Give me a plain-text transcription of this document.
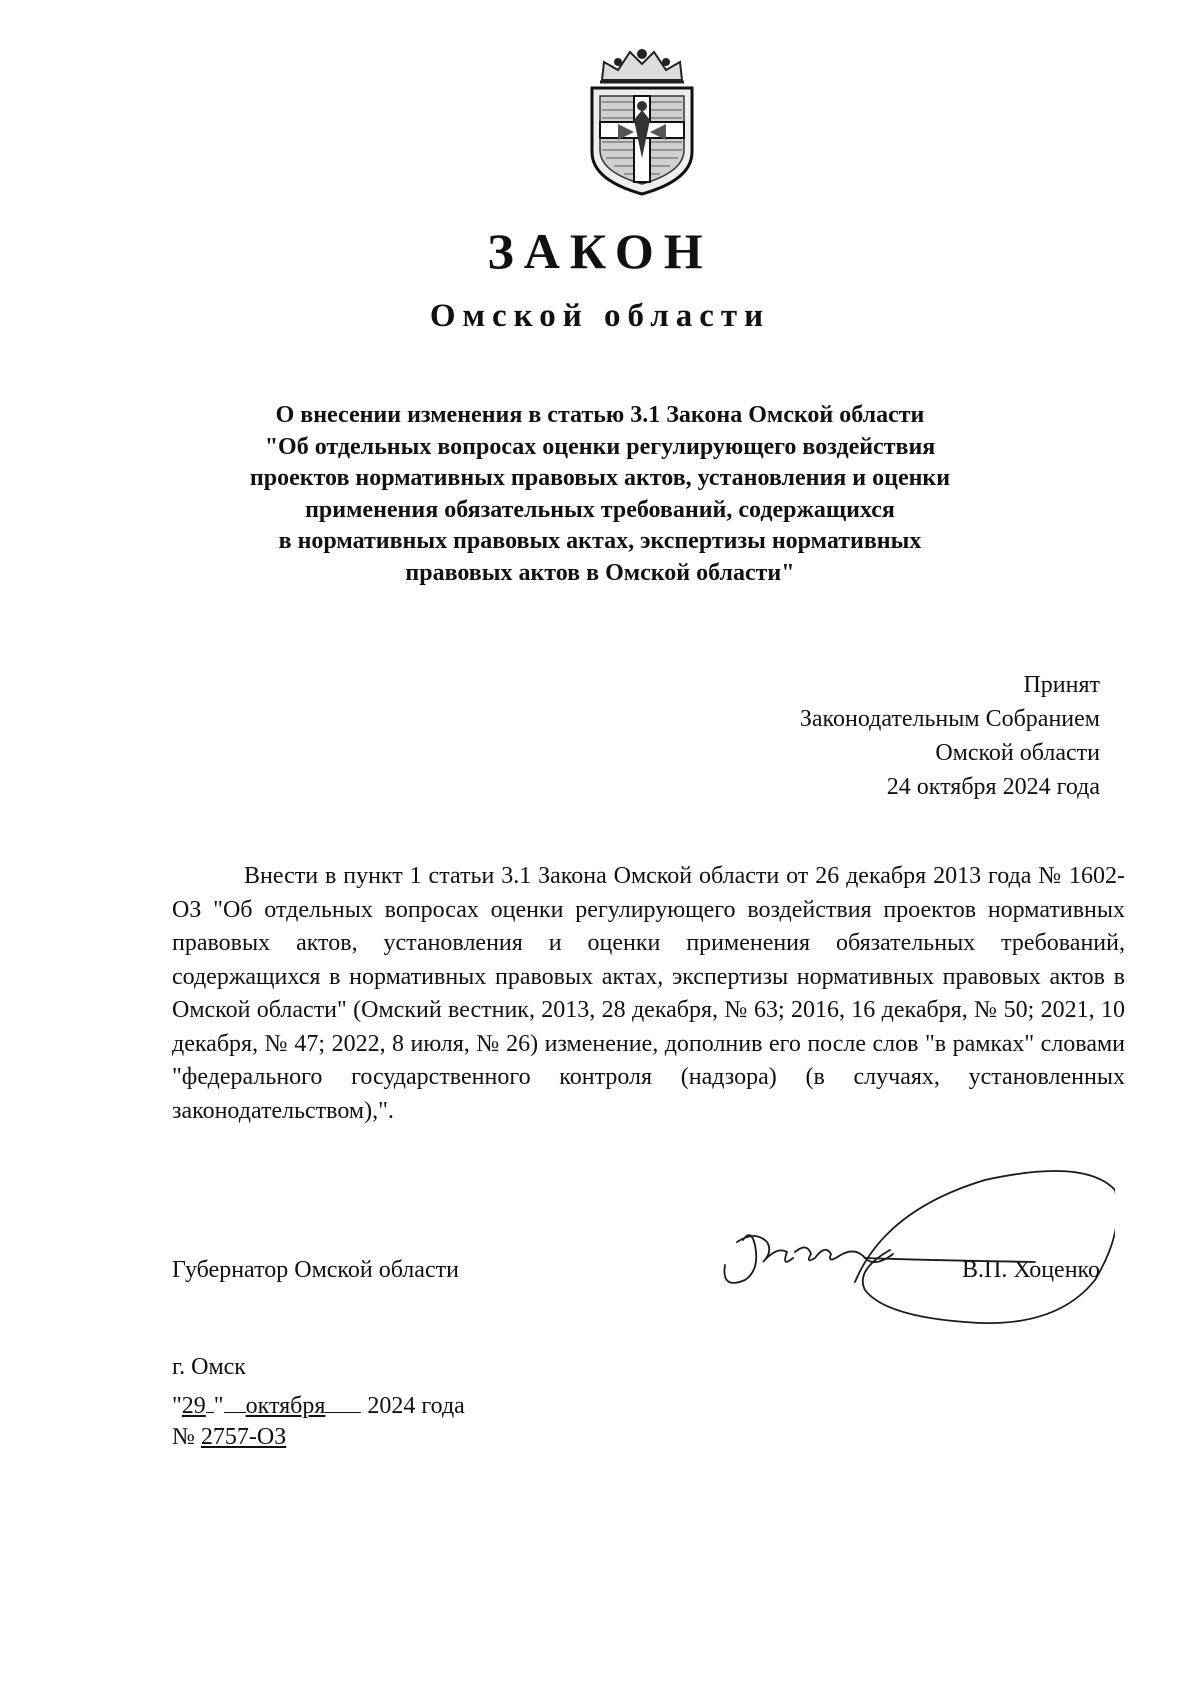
ЗАКОН
Омской области
О внесении изменения в статью 3.1 Закона Омской области
"Об отдельных вопросах оценки регулирующего воздействия
проектов нормативных правовых актов, установления и оценки
применения обязательных требований, содержащихся
в нормативных правовых актах, экспертизы нормативных
правовых актов в Омской области"
Принят
Законодательным Собранием
Омской области
24 октября 2024 года

Внести в пункт 1 статьи 3.1 Закона Омской области от 26 декабря 2013 года № 1602-ОЗ "Об отдельных вопросах оценки регулирующего воздействия проектов нормативных правовых актов, установления и оценки применения обязательных требований, содержащихся в нормативных правовых актах, экспертизы нормативных правовых актов в Омской области" (Омский вестник, 2013, 28 декабря, № 63; 2016, 16 декабря, № 50; 2021, 10 декабря, № 47; 2022, 8 июля, № 26) изменение, дополнив его после слов "в рамках" словами "федерального государственного контроля (надзора) (в случаях, установленных законодательством),".

Губернатор Омской области	В.П. Хоценко
г. Омск
"29 " октября 2024 года
№ 2757-ОЗ
